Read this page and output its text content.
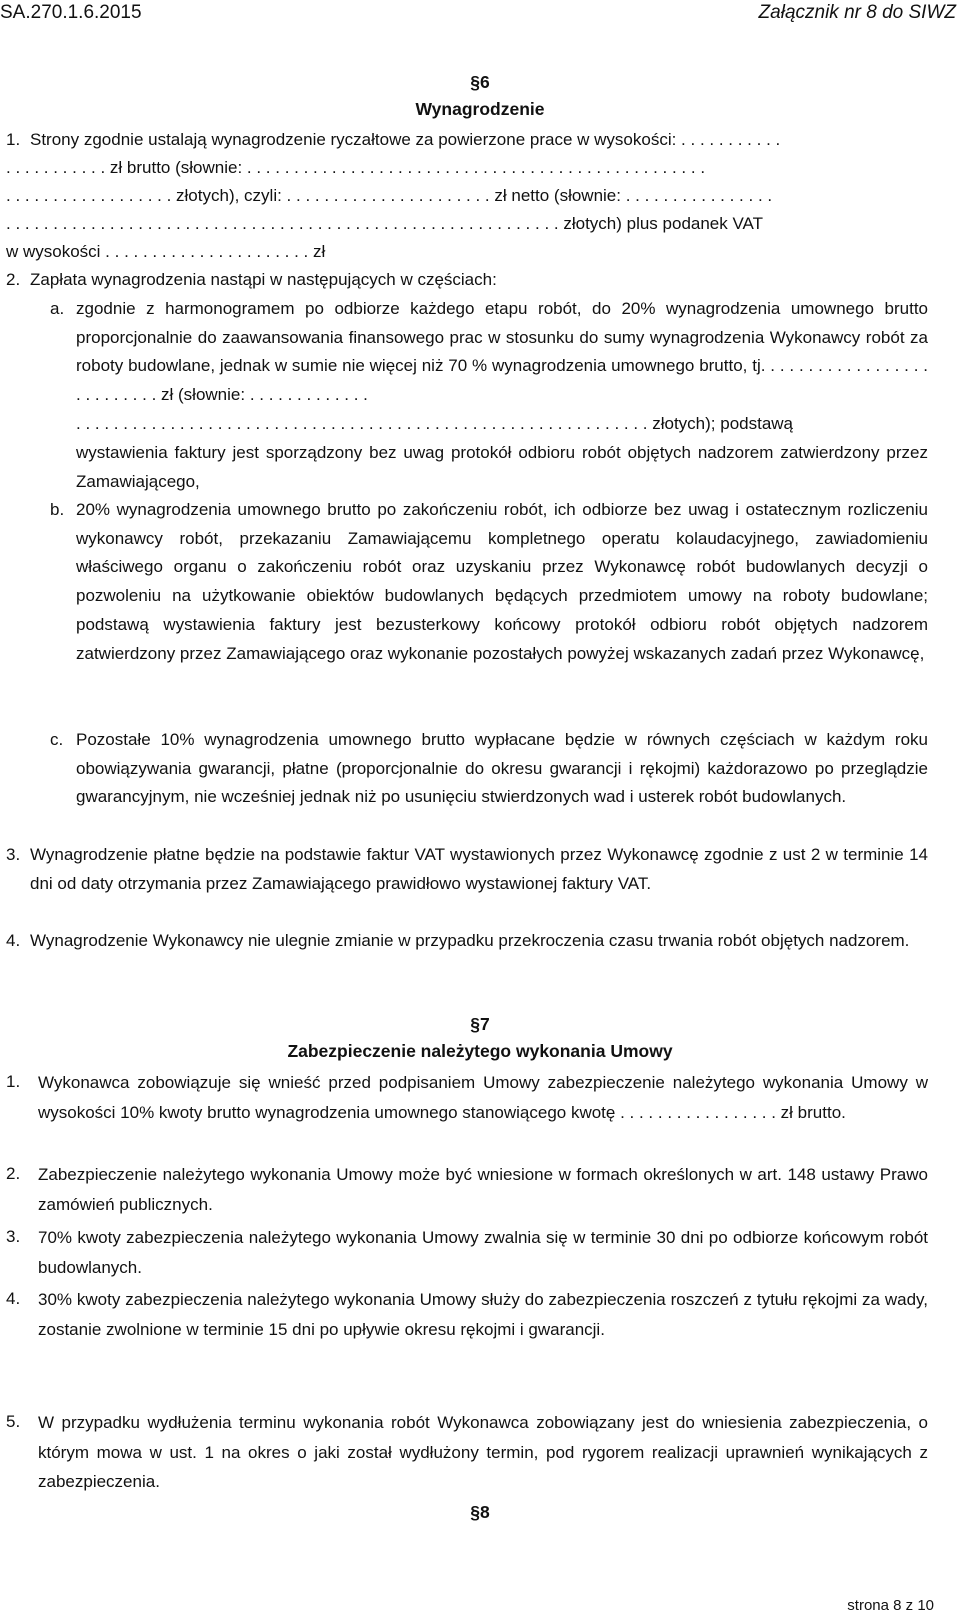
SA.270.1.6.2015	Załącznik nr 8 do SIWZ
§6
Wynagrodzenie
1. Strony zgodnie ustalają wynagrodzenie ryczałtowe za powierzone prace w wysokości: . . . . . . . . . . .
. . . . . . . . . . . zł brutto (słownie: . . . . . . . . . . . . . . . . . . . . . . . . . . . . . . . . . . . . . . . . . . . . . . . . .
. . . . . . . . . . . . . . . . . . złotych), czyli: . . . . . . . . . . . . . . . . . . . . . . zł netto (słownie: . . . . . . . . . . . . . . . .
. . . . . . . . . . . . . . . . . . . . . . . . . . . . . . . . . . . . . . . . . . . . . . . . . . . . . . . . . . . złotych) plus podanek VAT
w wysokości . . . . . . . . . . . . . . . . . . . . . . zł
2. Zapłata wynagrodzenia nastąpi w następujących w częściach:
a. zgodnie z harmonogramem po odbiorze każdego etapu robót, do 20% wynagrodzenia umownego brutto proporcjonalnie do zaawansowania finansowego prac w stosunku do sumy wynagrodzenia Wykonawcy robót za roboty budowlane, jednak w sumie nie więcej niż 70 % wynagrodzenia umownego brutto, tj. . . . . . . . . . . . . . . . . . . . . . . . . . . zł (słownie: . . . . . . . . . . . . .
. . . . . . . . . . . . . . . . . . . . . . . . . . . . . . . . . . . . . . . . . . . . . . . . . . . . . . . . . . . . . złotych); podstawą
wystawienia faktury jest sporządzony bez uwag protokół odbioru robót objętych nadzorem zatwierdzony przez Zamawiającego,
b. 20% wynagrodzenia umownego brutto po zakończeniu robót, ich odbiorze bez uwag i ostatecznym rozliczeniu wykonawcy robót, przekazaniu Zamawiającemu kompletnego operatu kolaudacyjnego, zawiadomieniu właściwego organu o zakończeniu robót oraz uzyskaniu przez Wykonawcę robót budowlanych decyzji o pozwoleniu na użytkowanie obiektów budowlanych będących przedmiotem umowy na roboty budowlane; podstawą wystawienia faktury jest bezusterkowy końcowy protokół odbioru robót objętych nadzorem zatwierdzony przez Zamawiającego oraz wykonanie pozostałych powyżej wskazanych zadań przez Wykonawcę,
c. Pozostałe 10% wynagrodzenia umownego brutto wypłacane będzie w równych częściach w każdym roku obowiązywania gwarancji, płatne (proporcjonalnie do okresu gwarancji i rękojmi) każdorazowo po przeglądzie gwarancyjnym, nie wcześniej jednak niż po usunięciu stwierdzonych wad i usterek robót budowlanych.
3. Wynagrodzenie płatne będzie na podstawie faktur VAT wystawionych przez Wykonawcę zgodnie z ust 2 w terminie 14 dni od daty otrzymania przez Zamawiającego prawidłowo wystawionej faktury VAT.
4. Wynagrodzenie Wykonawcy nie ulegnie zmianie w przypadku przekroczenia czasu trwania robót objętych nadzorem.
§7
Zabezpieczenie należytego wykonania Umowy
1. Wykonawca zobowiązuje się wnieść przed podpisaniem Umowy zabezpieczenie należytego wykonania Umowy w wysokości 10% kwoty brutto wynagrodzenia umownego stanowiącego kwotę . . . . . . . . . . . . . . . . . zł brutto.
2. Zabezpieczenie należytego wykonania Umowy może być wniesione w formach określonych w art. 148 ustawy Prawo zamówień publicznych.
3. 70% kwoty zabezpieczenia należytego wykonania Umowy zwalnia się w terminie 30 dni po odbiorze końcowym robót budowlanych.
4. 30% kwoty zabezpieczenia należytego wykonania Umowy służy do zabezpieczenia roszczeń z tytułu rękojmi za wady, zostanie zwolnione w terminie 15 dni po upływie okresu rękojmi i gwarancji.
5. W przypadku wydłużenia terminu wykonania robót Wykonawca zobowiązany jest do wniesienia zabezpieczenia, o którym mowa w ust. 1 na okres o jaki został wydłużony termin, pod rygorem realizacji uprawnień wynikających z zabezpieczenia.
§8
strona 8 z 10
